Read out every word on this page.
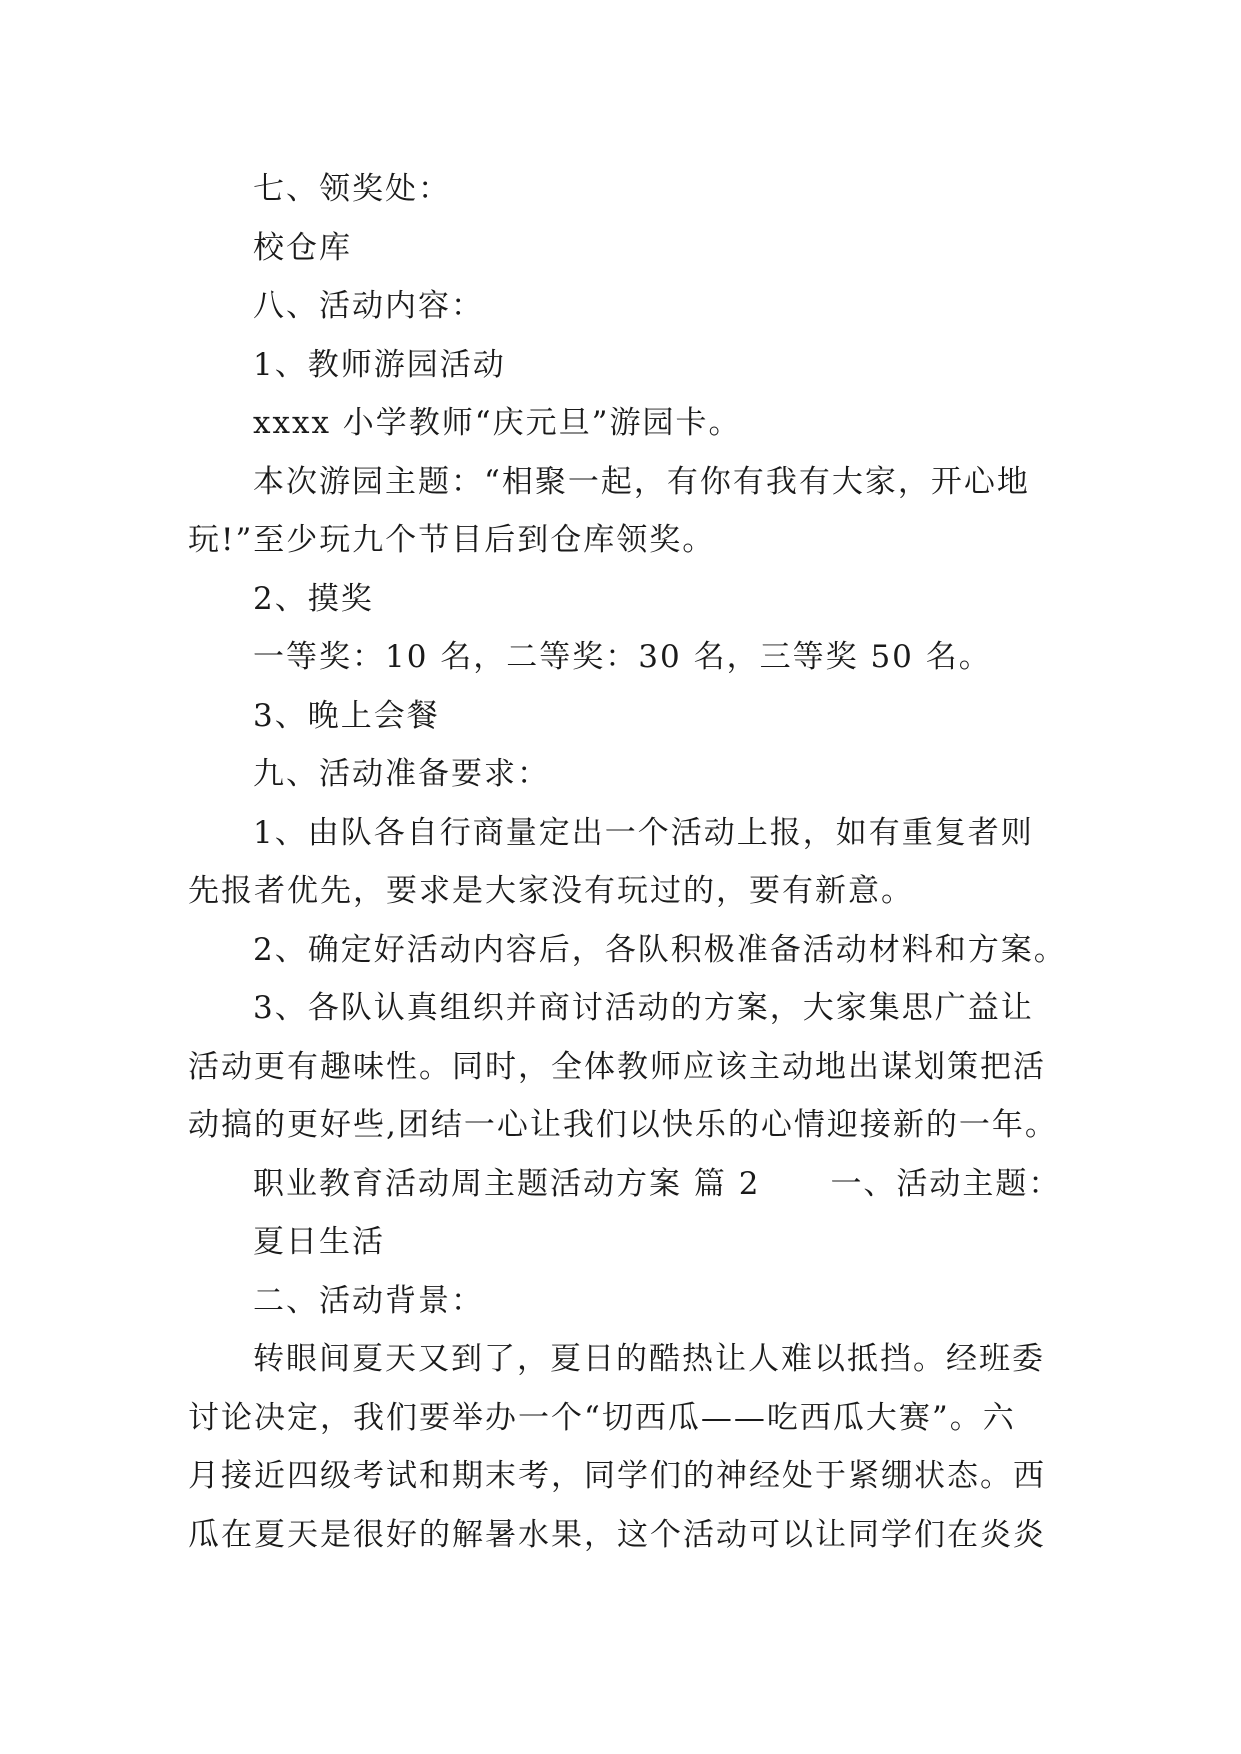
七、领奖处：

校仓库

八、活动内容：

1、教师游园活动

xxxx 小学教师“庆元旦”游园卡。

本次游园主题：“相聚一起，有你有我有大家，开心地

玩!”至少玩九个节目后到仓库领奖。

2、摸奖

一等奖：10 名，二等奖：30 名，三等奖 50 名。

3、晚上会餐

九、活动准备要求：

1、由队各自行商量定出一个活动上报，如有重复者则

先报者优先，要求是大家没有玩过的，要有新意。

2、确定好活动内容后，各队积极准备活动材料和方案。

3、各队认真组织并商讨活动的方案，大家集思广益让

活动更有趣味性。同时，全体教师应该主动地出谋划策把活

动搞的更好些,团结一心让我们以快乐的心情迎接新的一年。

职业教育活动周主题活动方案 篇 2 一、活动主题：

夏日生活

二、活动背景：

转眼间夏天又到了，夏日的酷热让人难以抵挡。经班委

讨论决定，我们要举办一个“切西瓜——吃西瓜大赛”。六

月接近四级考试和期末考，同学们的神经处于紧绷状态。西

瓜在夏天是很好的解暑水果，这个活动可以让同学们在炎炎
